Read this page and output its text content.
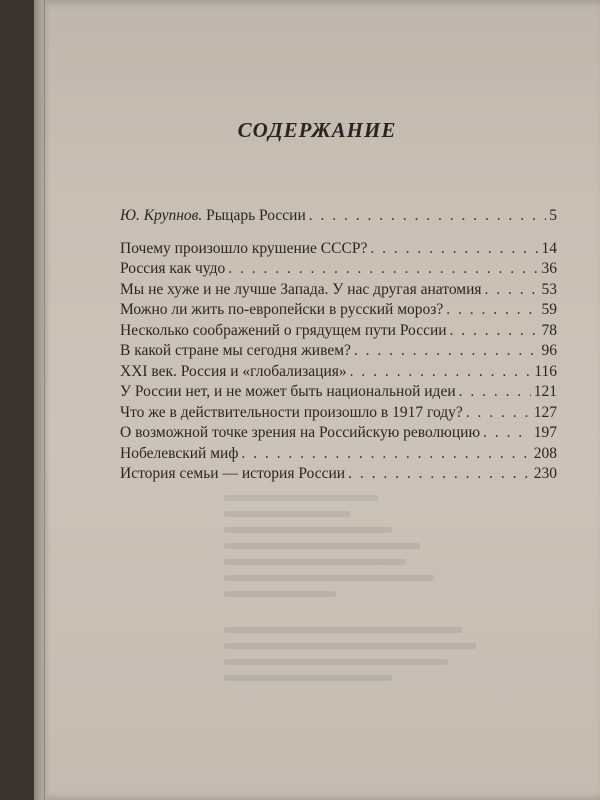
СОДЕРЖАНИЕ
Ю. Крупнов. Рыцарь России . . .	5
Почему произошло крушение СССР? . . .	14
Россия как чудо . . .	36
Мы не хуже и не лучше Запада. У нас другая анатомия . . .	53
Можно ли жить по-европейски в русский мороз? . . .	59
Несколько соображений о грядущем пути России . . .	78
В какой стране мы сегодня живем? . . .	96
XXI век. Россия и «глобализация» . . .	116
У России нет, и не может быть национальной идеи . . .	121
Что же в действительности произошло в 1917 году? . . .	127
О возможной точке зрения на Российскую революцию . . .	197
Нобелевский миф . . .	208
История семьи — история России . . .	230
